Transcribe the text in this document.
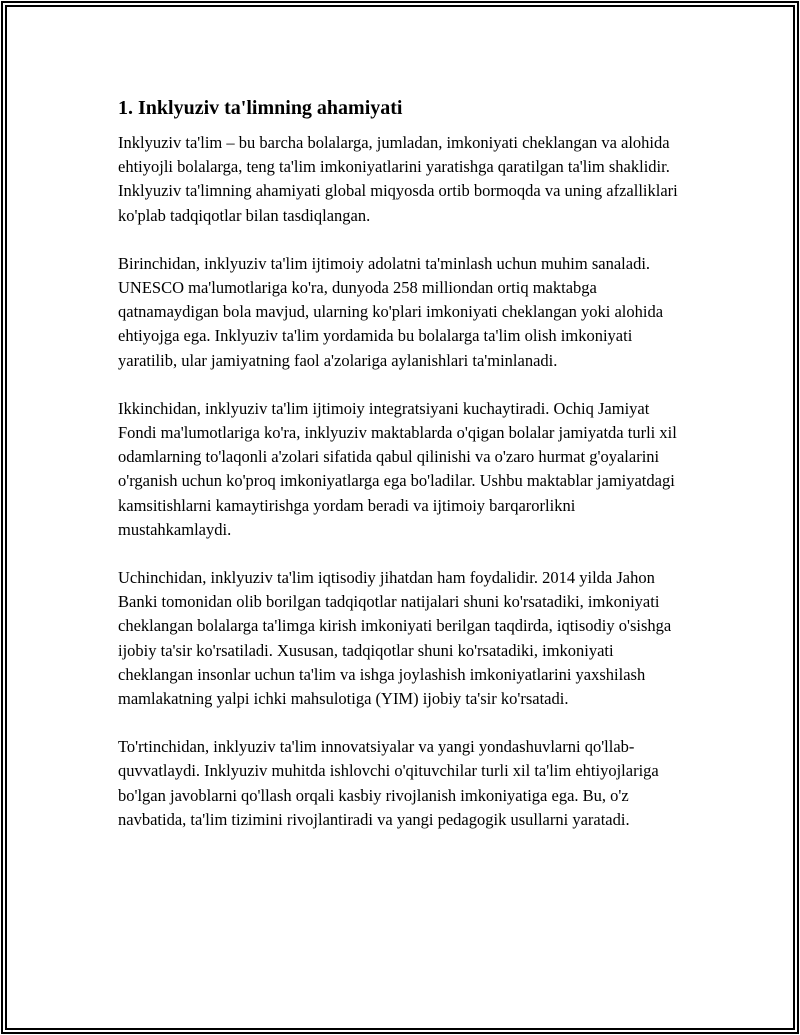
1. Inklyuziv ta'limning ahamiyati

Inklyuziv ta'lim – bu barcha bolalarga, jumladan, imkoniyati cheklangan va alohida ehtiyojli bolalarga, teng ta'lim imkoniyatlarini yaratishga qaratilgan ta'lim shaklidir. Inklyuziv ta'limning ahamiyati global miqyosda ortib bormoqda va uning afzalliklari ko'plab tadqiqotlar bilan tasdiqlangan.

Birinchidan, inklyuziv ta'lim ijtimoiy adolatni ta'minlash uchun muhim sanaladi. UNESCO ma'lumotlariga ko'ra, dunyoda 258 milliondan ortiq maktabga qatnamaydigan bola mavjud, ularning ko'plari imkoniyati cheklangan yoki alohida ehtiyojga ega. Inklyuziv ta'lim yordamida bu bolalarga ta'lim olish imkoniyati yaratilib, ular jamiyatning faol a'zolariga aylanishlari ta'minlanadi.

Ikkinchidan, inklyuziv ta'lim ijtimoiy integratsiyani kuchaytiradi. Ochiq Jamiyat Fondi ma'lumotlariga ko'ra, inklyuziv maktablarda o'qigan bolalar jamiyatda turli xil odamlarning to'laqonli a'zolari sifatida qabul qilinishi va o'zaro hurmat g'oyalarini o'rganish uchun ko'proq imkoniyatlarga ega bo'ladilar. Ushbu maktablar jamiyatdagi kamsitishlarni kamaytirishga yordam beradi va ijtimoiy barqarorlikni mustahkamlaydi.

Uchinchidan, inklyuziv ta'lim iqtisodiy jihatdan ham foydalidir. 2014 yilda Jahon Banki tomonidan olib borilgan tadqiqotlar natijalari shuni ko'rsatadiki, imkoniyati cheklangan bolalarga ta'limga kirish imkoniyati berilgan taqdirda, iqtisodiy o'sishga ijobiy ta'sir ko'rsatiladi. Xususan, tadqiqotlar shuni ko'rsatadiki, imkoniyati cheklangan insonlar uchun ta'lim va ishga joylashish imkoniyatlarini yaxshilash mamlakatning yalpi ichki mahsulotiga (YIM) ijobiy ta'sir ko'rsatadi.

To'rtinchidan, inklyuziv ta'lim innovatsiyalar va yangi yondashuvlarni qo'llab-quvvatlaydi. Inklyuziv muhitda ishlovchi o'qituvchilar turli xil ta'lim ehtiyojlariga bo'lgan javoblarni qo'llash orqali kasbiy rivojlanish imkoniyatiga ega. Bu, o'z navbatida, ta'lim tizimini rivojlantiradi va yangi pedagogik usullarni yaratadi.
